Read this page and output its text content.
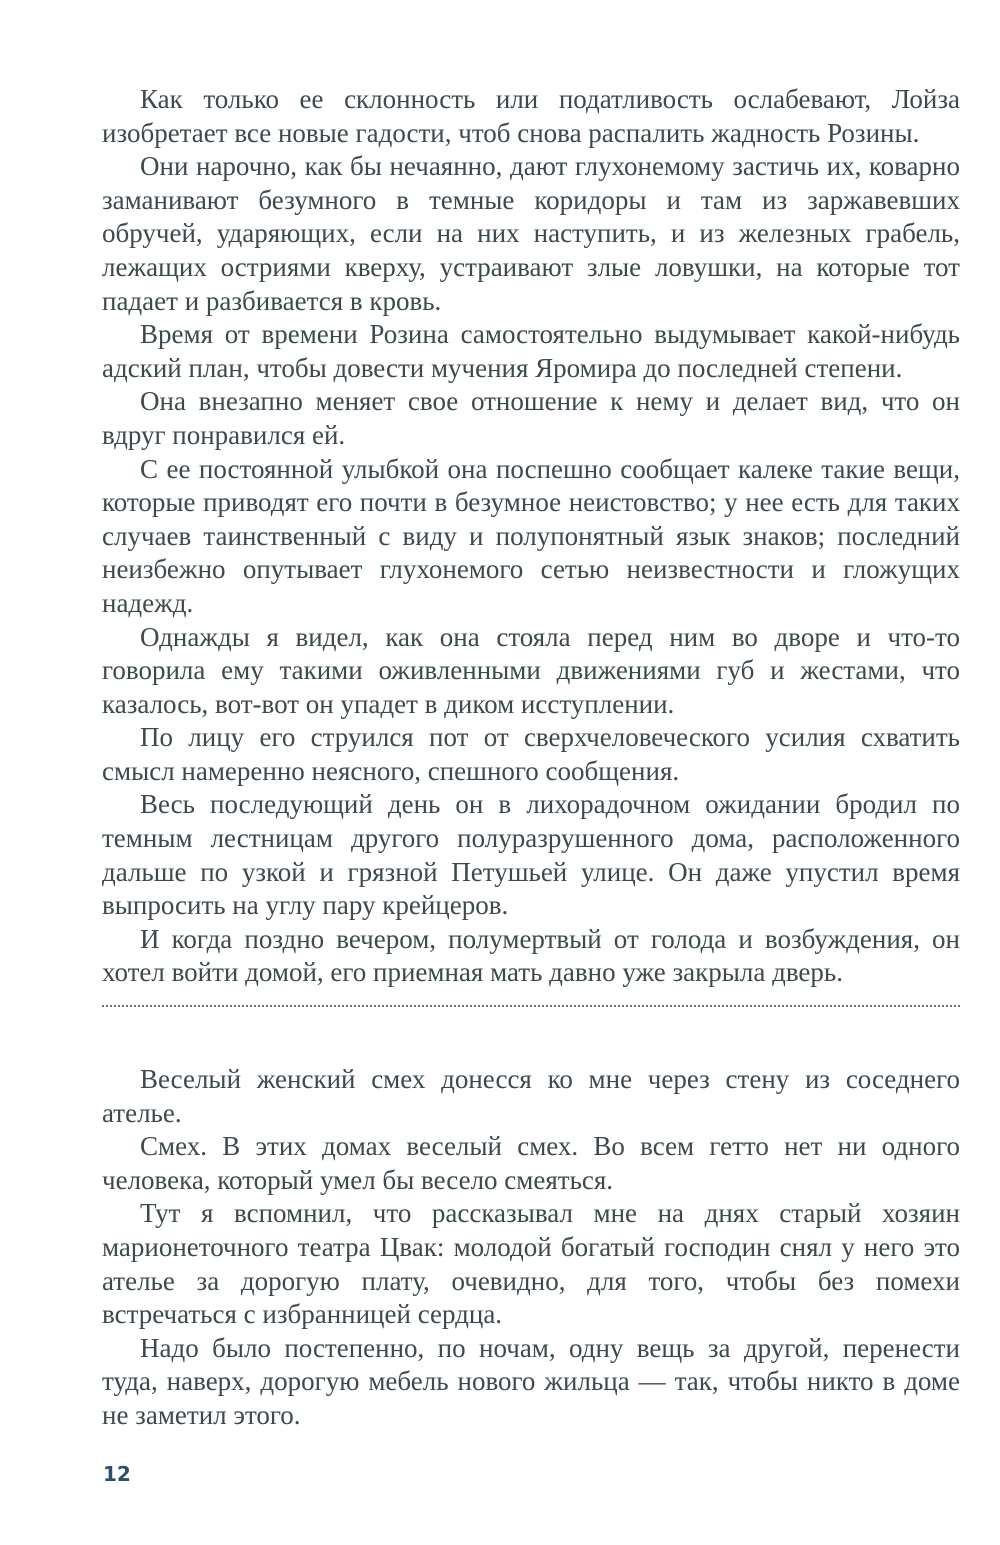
Как только ее склонность или податливость ослабевают, Лойза изобретает все новые гадости, чтоб снова распалить жадность Розины.

Они нарочно, как бы нечаянно, дают глухонемому застичь их, коварно заманивают безумного в темные коридоры и там из заржавевших обручей, ударяющих, если на них наступить, и из железных грабель, лежащих остриями кверху, устраивают злые ловушки, на которые тот падает и разбивается в кровь.

Время от времени Розина самостоятельно выдумывает какой-нибудь адский план, чтобы довести мучения Яромира до последней степени.

Она внезапно меняет свое отношение к нему и делает вид, что он вдруг понравился ей.

С ее постоянной улыбкой она поспешно сообщает калеке такие вещи, которые приводят его почти в безумное неистовство; у нее есть для таких случаев таинственный с виду и полупонятный язык знаков; последний неизбежно опутывает глухонемого сетью неизвестности и гложущих надежд.

Однажды я видел, как она стояла перед ним во дворе и что-то говорила ему такими оживленными движениями губ и жестами, что казалось, вот-вот он упадет в диком исступлении.

По лицу его струился пот от сверхчеловеческого усилия схватить смысл намеренно неясного, спешного сообщения.

Весь последующий день он в лихорадочном ожидании бродил по темным лестницам другого полуразрушенного дома, расположенного дальше по узкой и грязной Петушьей улице. Он даже упустил время выпросить на углу пару крейцеров.

И когда поздно вечером, полумертвый от голода и возбуждения, он хотел войти домой, его приемная мать давно уже закрыла дверь.

Веселый женский смех донесся ко мне через стену из соседнего ателье.

Смех. В этих домах веселый смех. Во всем гетто нет ни одного человека, который умел бы весело смеяться.

Тут я вспомнил, что рассказывал мне на днях старый хозяин марионеточного театра Цвак: молодой богатый господин снял у него это ателье за дорогую плату, очевидно, для того, чтобы без помехи встречаться с избранницей сердца.

Надо было постепенно, по ночам, одну вещь за другой, перенести туда, наверх, дорогую мебель нового жильца — так, чтобы никто в доме не заметил этого.

12
